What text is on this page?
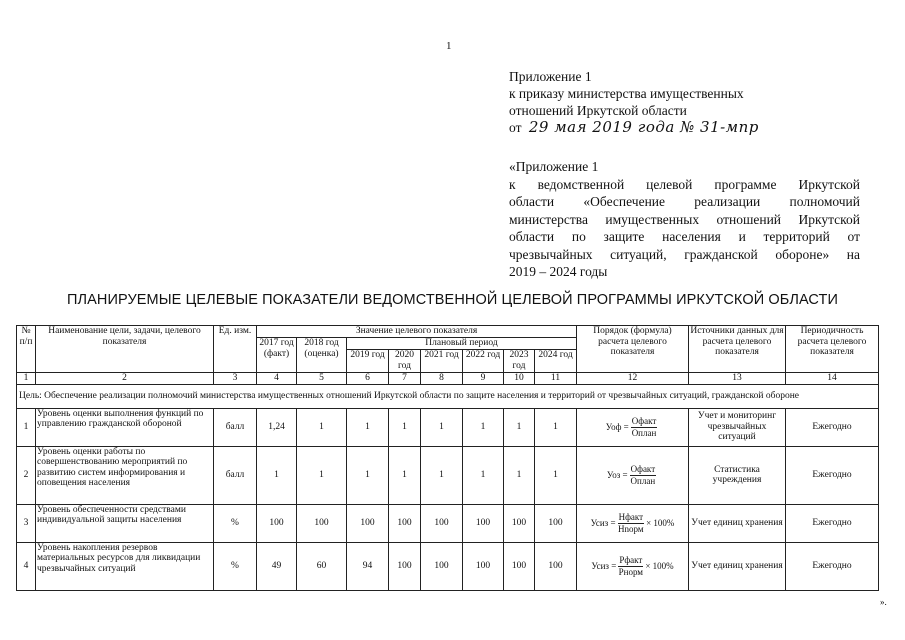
1
Приложение 1
к приказу министерства имущественных
отношений Иркутской области
от 29 мая 2019 года № 31-мпр
«Приложение 1
к ведомственной целевой программе Иркутской
области «Обеспечение реализации полномочий
министерства имущественных отношений Иркутской
области по защите населения и территорий от
чрезвычайных ситуаций, гражданской обороне» на
2019 – 2024 годы
ПЛАНИРУЕМЫЕ ЦЕЛЕВЫЕ ПОКАЗАТЕЛИ ВЕДОМСТВЕННОЙ ЦЕЛЕВОЙ ПРОГРАММЫ ИРКУТСКОЙ ОБЛАСТИ
№ п/п	Наименование цели, задачи, целевого показателя	Ед. изм.	Значение целевого показателя								Порядок (формула) расчета целевого показателя	Источники данных для расчета целевого показателя	Периодичность расчета целевого показателя
			2017 год (факт)	2018 год (оценка)	Плановый период								
					2019 год	2020 год	2021 год	2022 год	2023 год	2024 год			
1	2	3	4	5	6	7	8	9	10	11	12	13	14
Цель: Обеспечение реализации полномочий министерства имущественных отношений Иркутской области по защите населения и территорий от чрезвычайных ситуаций, гражданской обороне													
1	Уровень оценки выполнения функций по управлению гражданской обороной	балл	1,24	1	1	1	1	1	1	1	Уоф = $\frac{\text{Офакт}}{\text{Оплан}}$	Учет и мониторинг чрезвычайных ситуаций	Ежегодно
2	Уровень оценки работы по совершенствованию мероприятий по развитию систем информирования и оповещения населения	балл	1	1	1	1	1	1	1	1	Уоз = $\frac{\text{Офакт}}{\text{Оплан}}$	Статистика учреждения	Ежегодно
3	Уровень обеспеченности средствами индивидуальной защиты населения	%	100	100	100	100	100	100	100	100	Усиз = $\frac{\text{Нфакт}}{\text{Нnорм}} \times 100\%$	Учет единиц хранения	Ежегодно
4	Уровень накопления резервов материальных ресурсов для ликвидации чрезвычайных ситуаций	%	49	60	94	100	100	100	100	100	Усиз = $\frac{\text{Рфакт}}{\text{Рнорм}} \times 100\%$	Учет единиц хранения	Ежегодно
».
